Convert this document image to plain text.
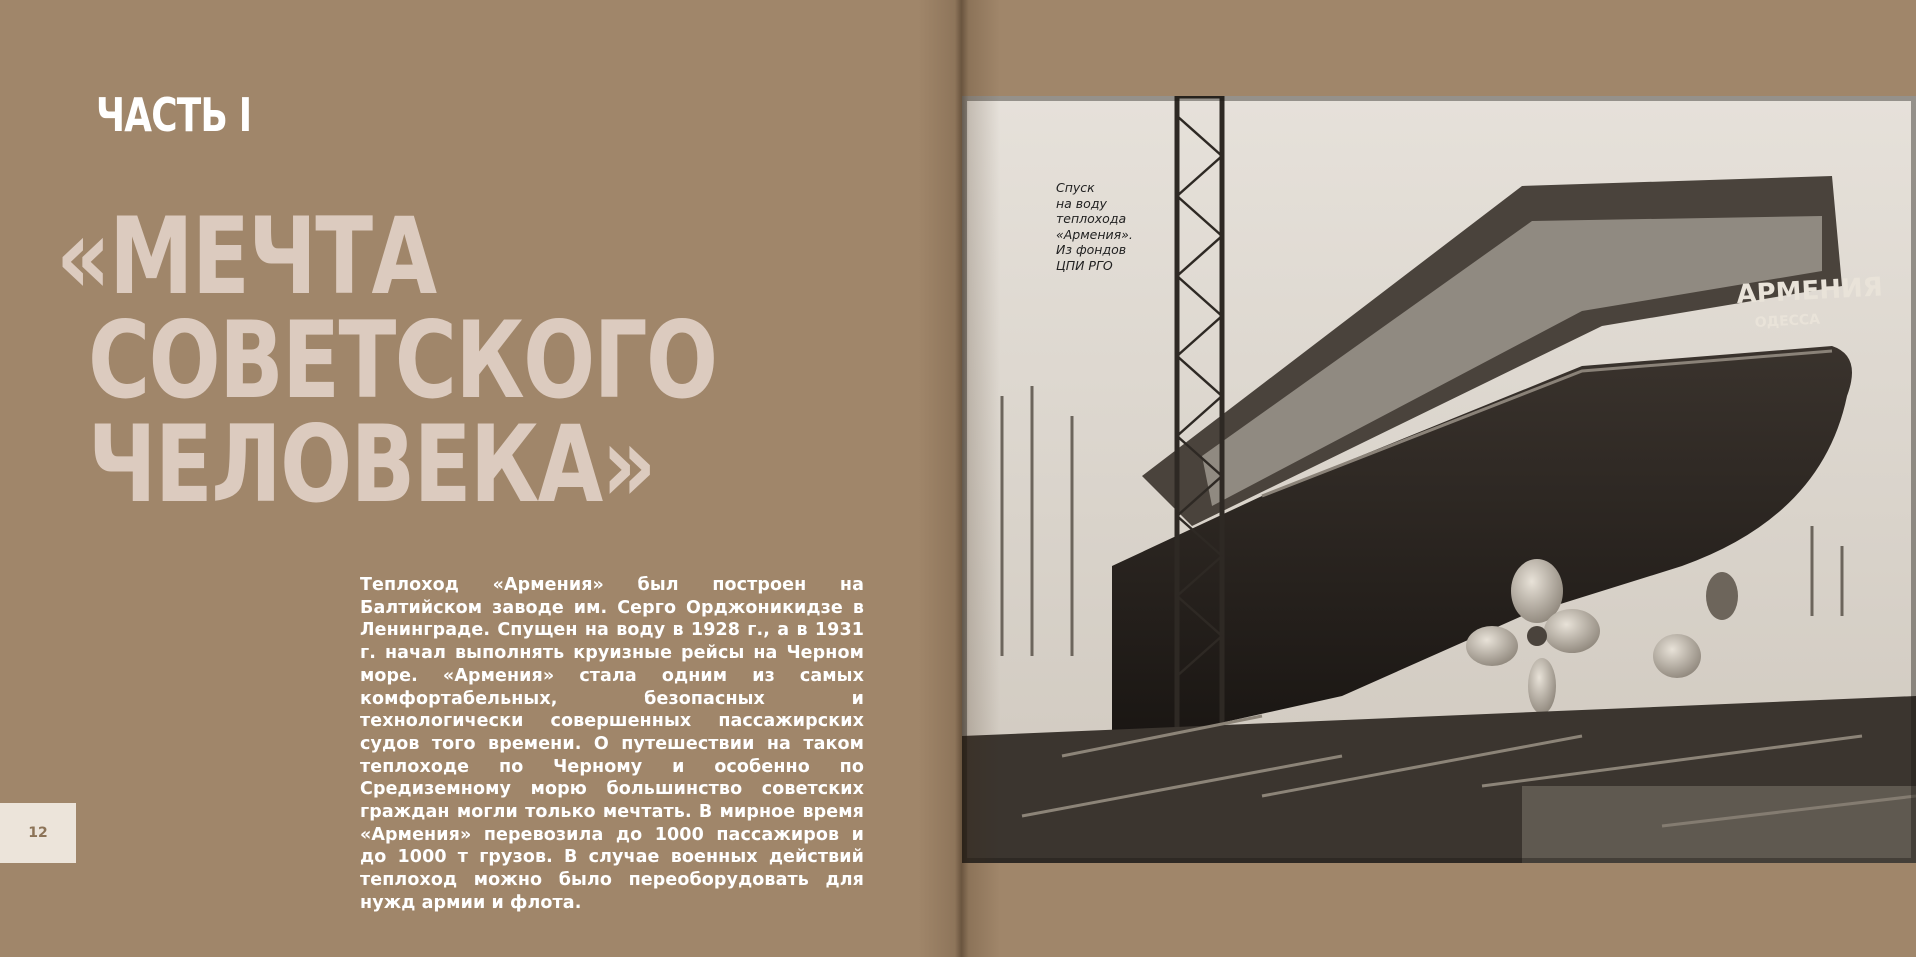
ЧАСТЬ I
«МЕЧТА
СОВЕТСКОГО
ЧЕЛОВЕКА»

Теплоход «Армения» был построен на Балтийском заводе им. Серго Орджоникидзе в Ленинграде. Спущен на воду в 1928 г., а в 1931 г. начал выполнять круизные рейсы на Черном море. «Армения» стала одним из самых комфортабельных, безопасных и технологически совершенных пассажирских судов того времени. О путешествии на таком теплоходе по Черному и особенно по Средиземному морю большинство советских граждан могли только мечтать. В мирное время «Армения» перевозила до 1000 пассажиров и до 1000 т грузов. В случае военных действий теплоход можно было переоборудовать для нужд армии и флота.

12
АРМЕНИЯ
ОДЕССА

Спуск
на воду
теплохода
«Армения».
Из фондов
ЦПИ РГО
